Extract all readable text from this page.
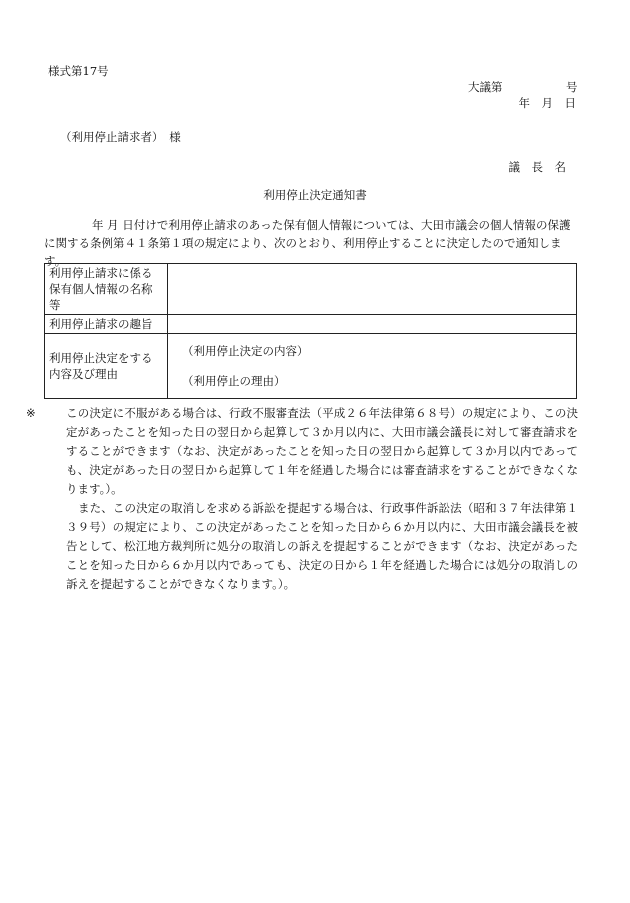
様式第17号
大議第	号
年　月　日
（利用停止請求者）　様
議　長　名
利用停止決定通知書
年 月 日付けで利用停止請求のあった保有個人情報については、大田市議会の個人情報の保護に関する条例第４１条第１項の規定により、次のとおり、利用停止することに決定したので通知します。
利用停止請求に係る保有個人情報の名称等	
利用停止請求の趣旨	
利用停止決定をする内容及び理由	（利用停止決定の内容）
（利用停止の理由）

※	この決定に不服がある場合は、行政不服審査法（平成２６年法律第６８号）の規定により、この決定があったことを知った日の翌日から起算して３か月以内に、大田市議会議長に対して審査請求をすることができます（なお、決定があったことを知った日の翌日から起算して３か月以内であっても、決定があった日の翌日から起算して１年を経過した場合には審査請求をすることができなくなります。）。

また、この決定の取消しを求める訴訟を提起する場合は、行政事件訴訟法（昭和３７年法律第１３９号）の規定により、この決定があったことを知った日から６か月以内に、大田市議会議長を被告として、松江地方裁判所に処分の取消しの訴えを提起することができます（なお、決定があったことを知った日から６か月以内であっても、決定の日から１年を経過した場合には処分の取消しの訴えを提起することができなくなります。）。
